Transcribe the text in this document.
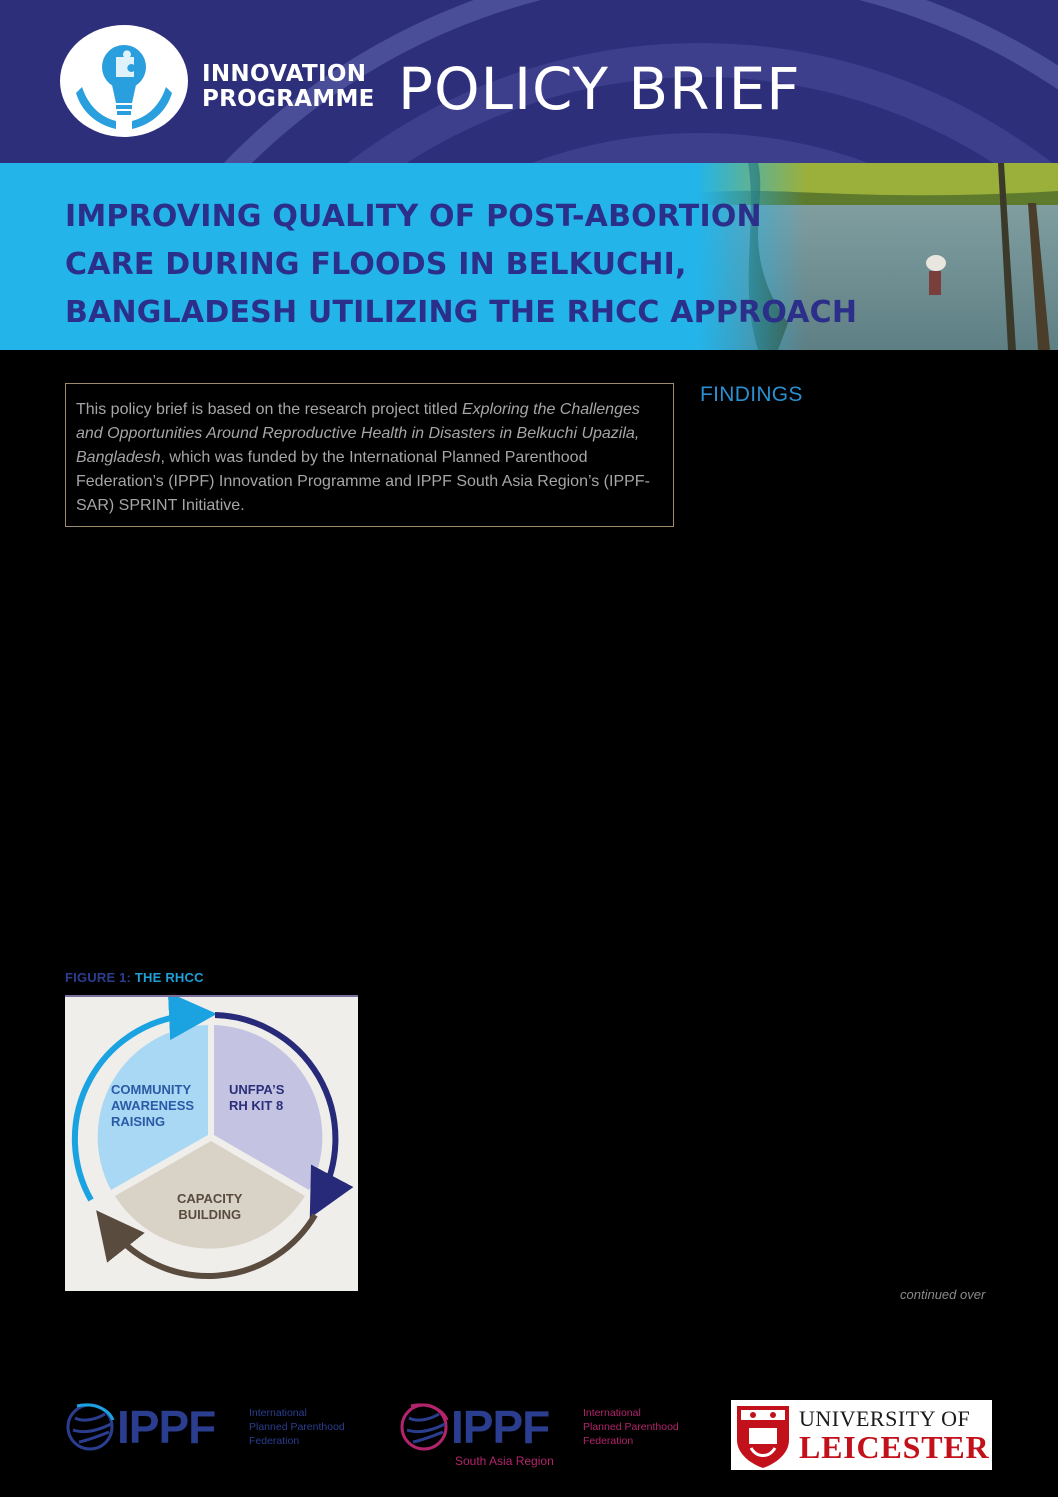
INNOVATION
PROGRAMME POLICY BRIEF
IMPROVING QUALITY OF POST-ABORTION
CARE DURING FLOODS IN BELKUCHI,
BANGLADESH UTILIZING THE RHCC APPROACH
This policy brief is based on the research project titled Exploring the Challenges and Opportunities Around Reproductive Health in Disasters in Belkuchi Upazila, Bangladesh, which was funded by the International Planned Parenthood Federation’s (IPPF) Innovation Programme and IPPF South Asia Region’s (IPPF-SAR) SPRINT Initiative.
FINDINGS
FIGURE 1: THE RHCC
COMMUNITY
AWARENESS
RAISING
UNFPA’S
RH KIT 8
CAPACITY
BUILDING
continued over
IPPF	International
Planned Parenthood
Federation	IPPF	International
Planned Parenthood
Federation
South Asia Region
UNIVERSITY OF
LEICESTER
